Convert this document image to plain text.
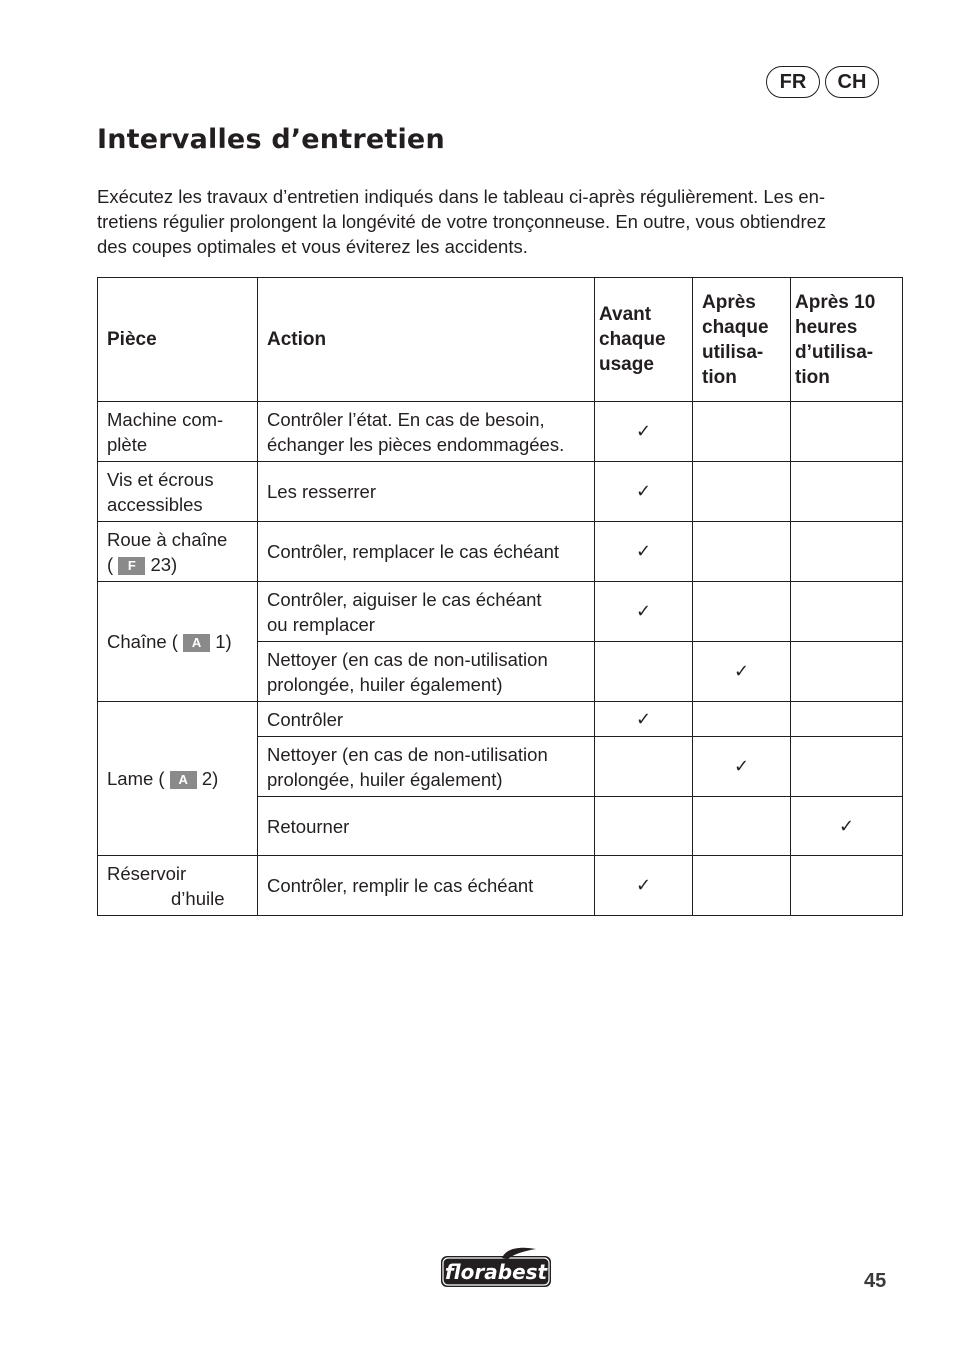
FR	CH
Intervalles d’entretien

Exécutez les travaux d’entretien indiqués dans le tableau ci-après régulièrement. Les en-
tretiens régulier prolongent la longévité de votre tronçonneuse. En outre, vous obtiendrez
des coupes optimales et vous éviterez les accidents.

Pièce	Action	Avant
chaque
usage	Après
chaque
utilisa-
tion	Après 10
heures
d’utilisa-
tion
Machine com-
plète	Contrôler l’état. En cas de besoin,
échanger les pièces endommagées.	✓		
Vis et écrous
accessibles	Les resserrer	✓		
Roue à chaîne
( F 23)	Contrôler, remplacer le cas échéant	✓		
Chaîne ( A 1)	Contrôler, aiguiser le cas échéant
ou remplacer	✓		
	Nettoyer (en cas de non-utilisation
prolongée, huiler également)		✓	
Lame ( A 2)	Contrôler	✓		
	Nettoyer (en cas de non-utilisation
prolongée, huiler également)		✓	
	Retourner			✓
Réservoir
d’huile	Contrôler, remplir le cas échéant	✓		
florabest	45
